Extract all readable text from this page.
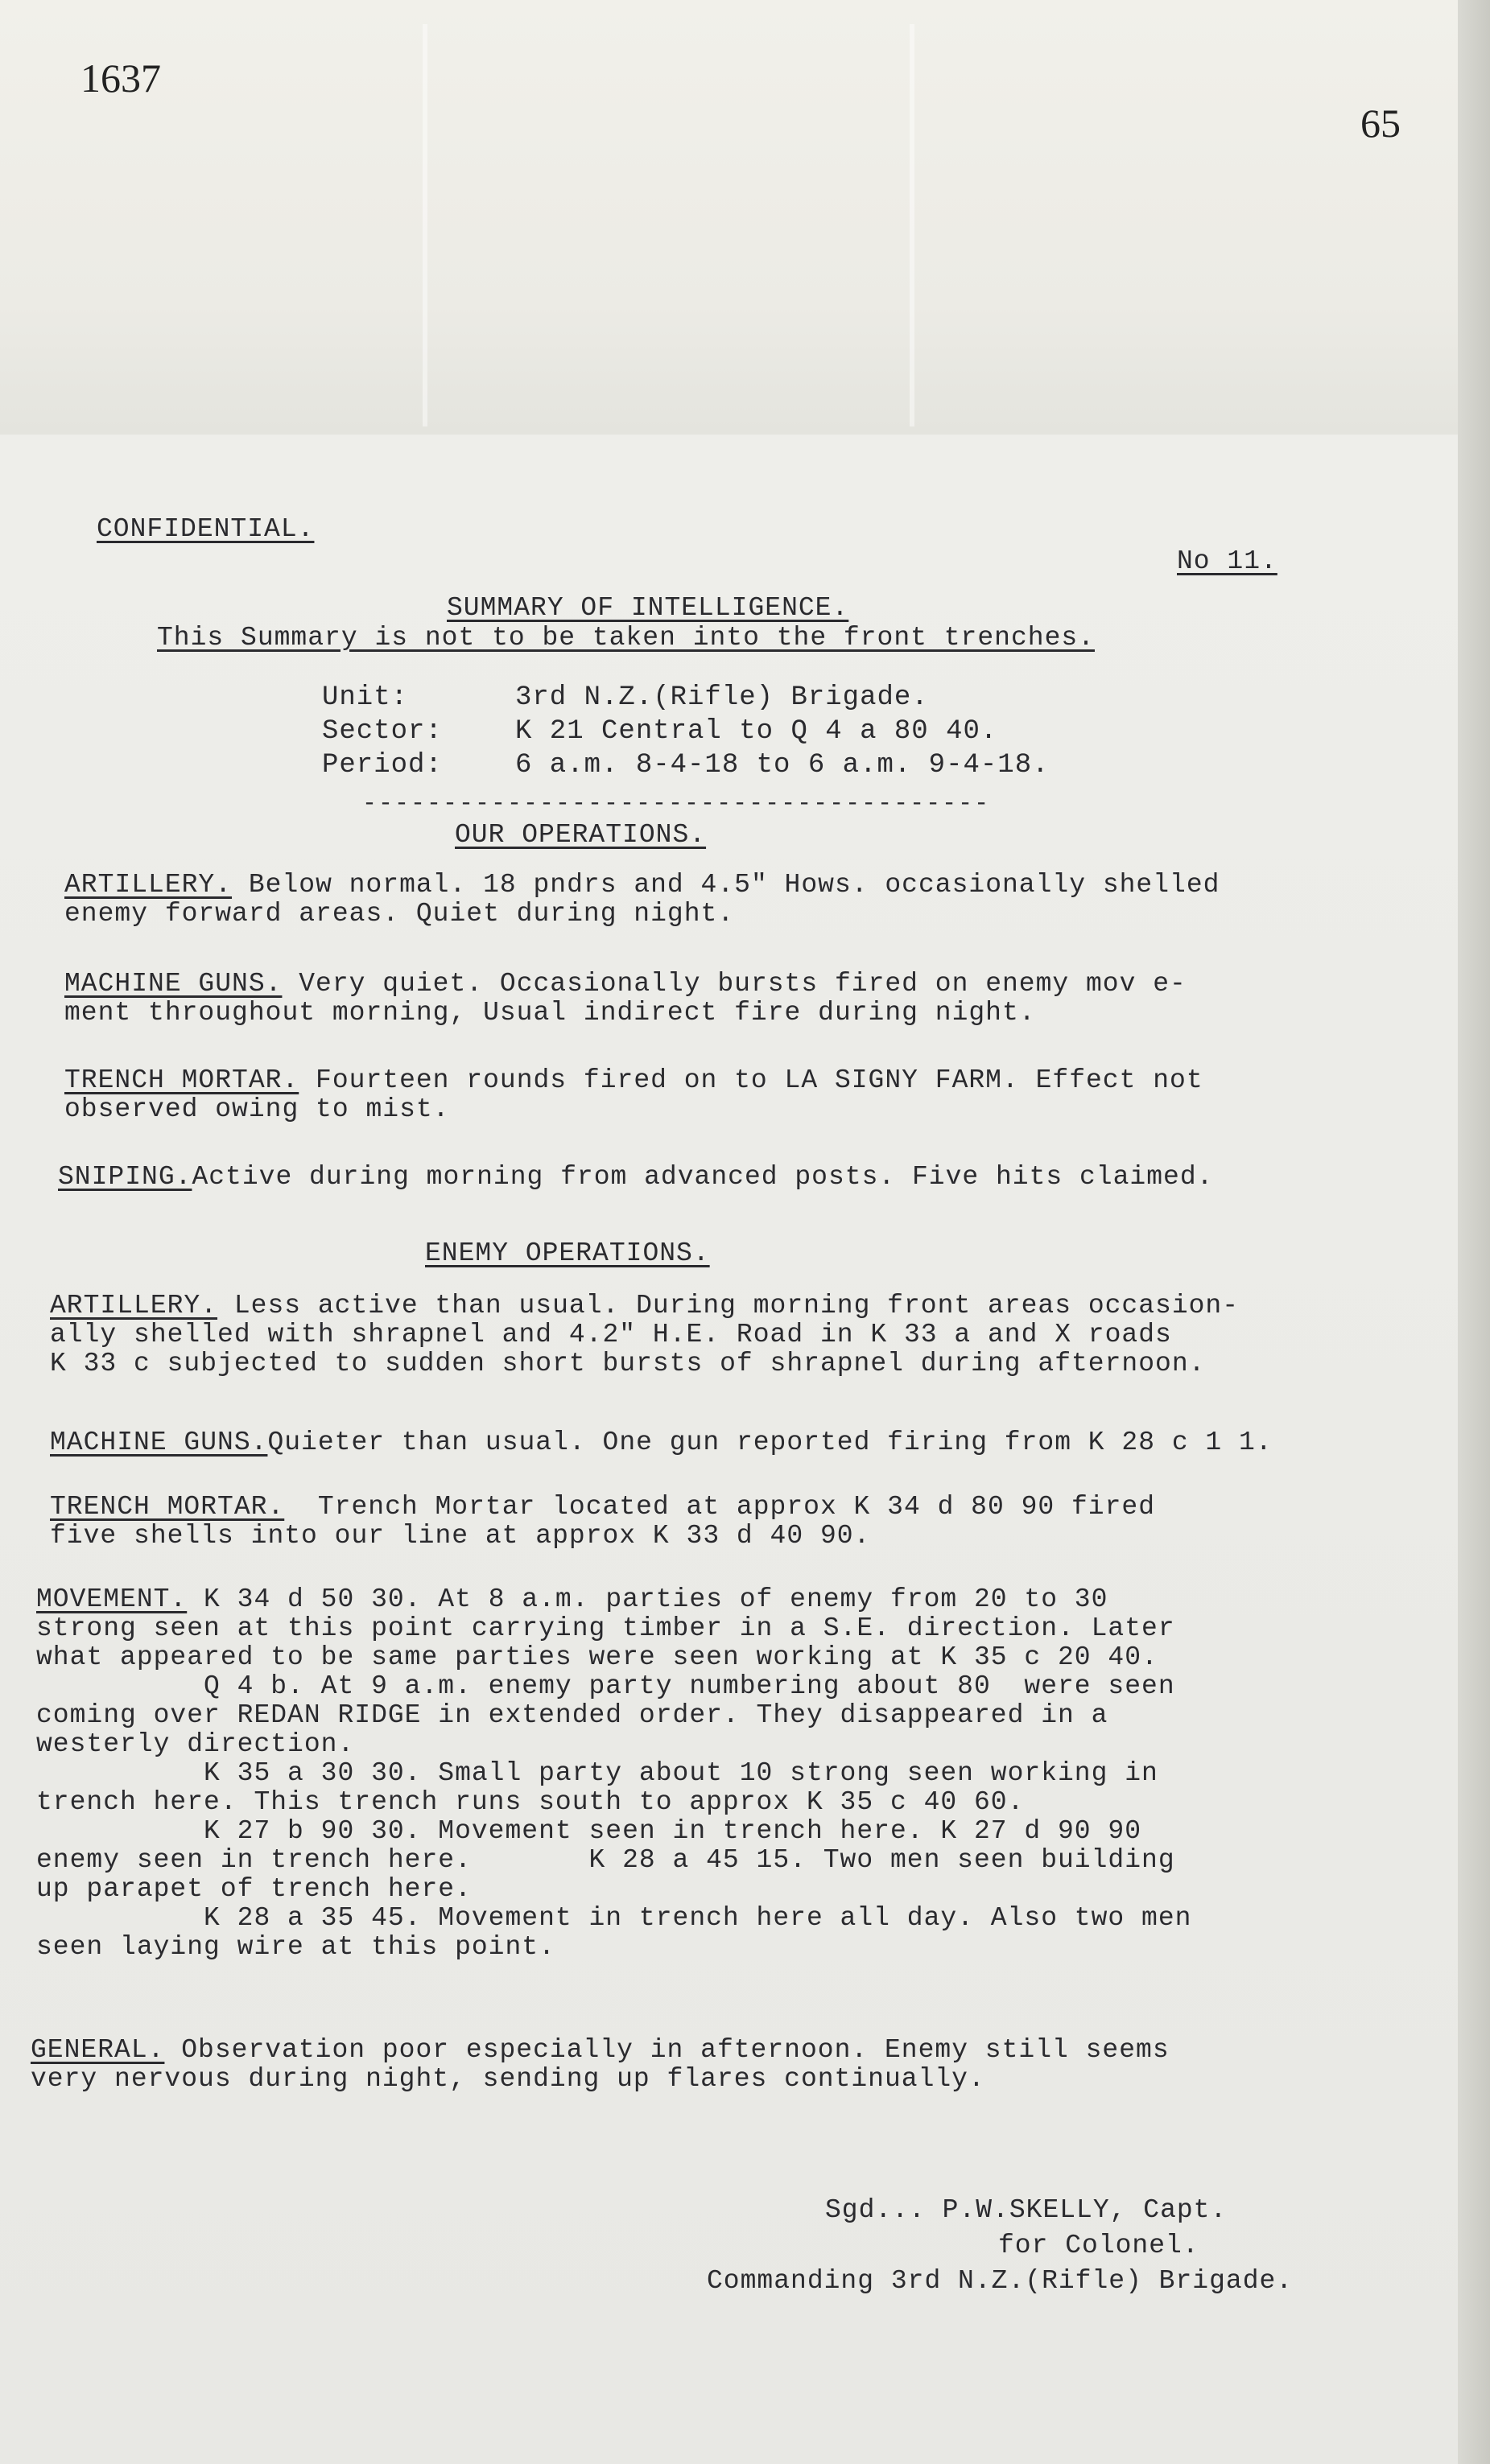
1637
65
CONFIDENTIAL.
No 11.
SUMMARY OF INTELLIGENCE.
This Summary is not to be taken into the front trenches.
Unit:	3rd N.Z.(Rifle) Brigade.
Sector:	K 21 Central to Q 4 a 80 40.
Period:	6 a.m. 8-4-18 to 6 a.m. 9-4-18.
---------------------------------------
OUR OPERATIONS.
ARTILLERY. Below normal. 18 pndrs and 4.5" Hows. occasionally shelled
enemy forward areas. Quiet during night.
MACHINE GUNS. Very quiet. Occasionally bursts fired on enemy mov e-
ment throughout morning, Usual indirect fire during night.
TRENCH MORTAR. Fourteen rounds fired on to LA SIGNY FARM. Effect not
observed owing to mist.
SNIPING.Active during morning from advanced posts. Five hits claimed.
ENEMY OPERATIONS.
ARTILLERY. Less active than usual. During morning front areas occasion-
ally shelled with shrapnel and 4.2" H.E. Road in K 33 a and X roads
K 33 c subjected to sudden short bursts of shrapnel during afternoon.
MACHINE GUNS.Quieter than usual. One gun reported firing from K 28 c 1 1.
TRENCH MORTAR.  Trench Mortar located at approx K 34 d 80 90 fired
five shells into our line at approx K 33 d 40 90.
MOVEMENT. K 34 d 50 30. At 8 a.m. parties of enemy from 20 to 30
strong seen at this point carrying timber in a S.E. direction. Later
what appeared to be same parties were seen working at K 35 c 20 40.
Q 4 b. At 9 a.m. enemy party numbering about 80  were seen
coming over REDAN RIDGE in extended order. They disappeared in a
westerly direction.
K 35 a 30 30. Small party about 10 strong seen working in
trench here. This trench runs south to approx K 35 c 40 60.
K 27 b 90 30. Movement seen in trench here. K 27 d 90 90
enemy seen in trench here.       K 28 a 45 15. Two men seen building
up parapet of trench here.
K 28 a 35 45. Movement in trench here all day. Also two men
seen laying wire at this point.
GENERAL. Observation poor especially in afternoon. Enemy still seems
very nervous during night, sending up flares continually.
Sgd... P.W.SKELLY, Capt.
for Colonel.
Commanding 3rd N.Z.(Rifle) Brigade.
